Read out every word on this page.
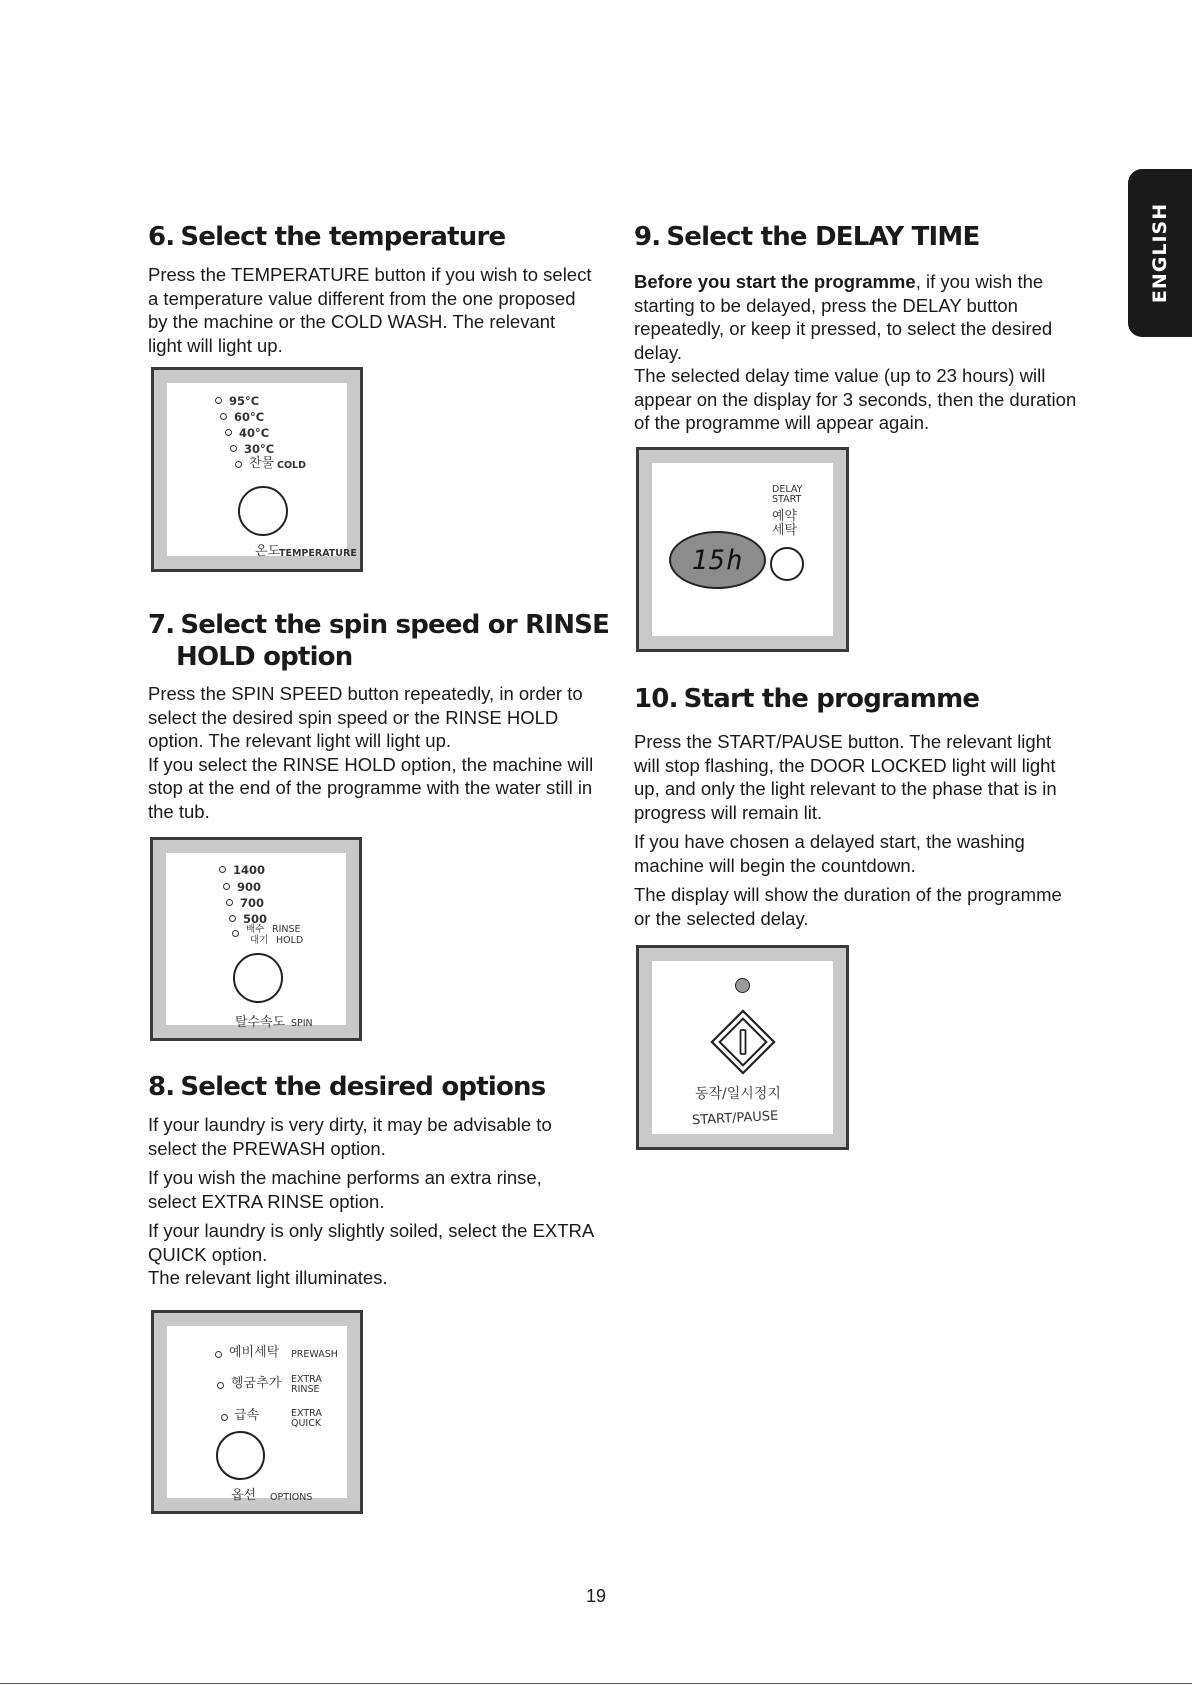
ENGLISH
6. Select the temperature

Press the TEMPERATURE button if you wish to select a temperature value different from the one proposed by the machine or the COLD WASH. The relevant light will light up.

95°C
60°C
40°C
30°C
찬물 COLD
온도
TEMPERATURE
7. Select the spin speed or RINSE
HOLD option

Press the SPIN SPEED button repeatedly, in order to select the desired spin speed or the RINSE HOLD option. The relevant light will light up.

If you select the RINSE HOLD option, the machine will stop at the end of the programme with the water still in the tub.

1400
900
700
500
배수
대기
RINSE
HOLD
탈수속도 SPIN
8. Select the desired options

If your laundry is very dirty, it may be advisable to select the PREWASH option.

If you wish the machine performs an extra rinse, select EXTRA RINSE option.

If your laundry is only slightly soiled, select the EXTRA QUICK option.

The relevant light illuminates.

예비세탁 PREWASH
헹굼추가 EXTRA
RINSE
급속	EXTRA
QUICK
옵션 OPTIONS
9. Select the DELAY TIME

Before you start the programme, if you wish the starting to be delayed, press the DELAY button repeatedly, or keep it pressed, to select the desired delay.

The selected delay time value (up to 23 hours) will appear on the display for 3 seconds, then the duration of the programme will appear again.

15h
DELAY
START
예약
세탁
10. Start the programme

Press the START/PAUSE button. The relevant light will stop flashing, the DOOR LOCKED light will light up, and only the light relevant to the phase that is in progress will remain lit.

If you have chosen a delayed start, the washing machine will begin the countdown.

The display will show the duration of the programme or the selected delay.

동작/일시정지
START/PAUSE
19
